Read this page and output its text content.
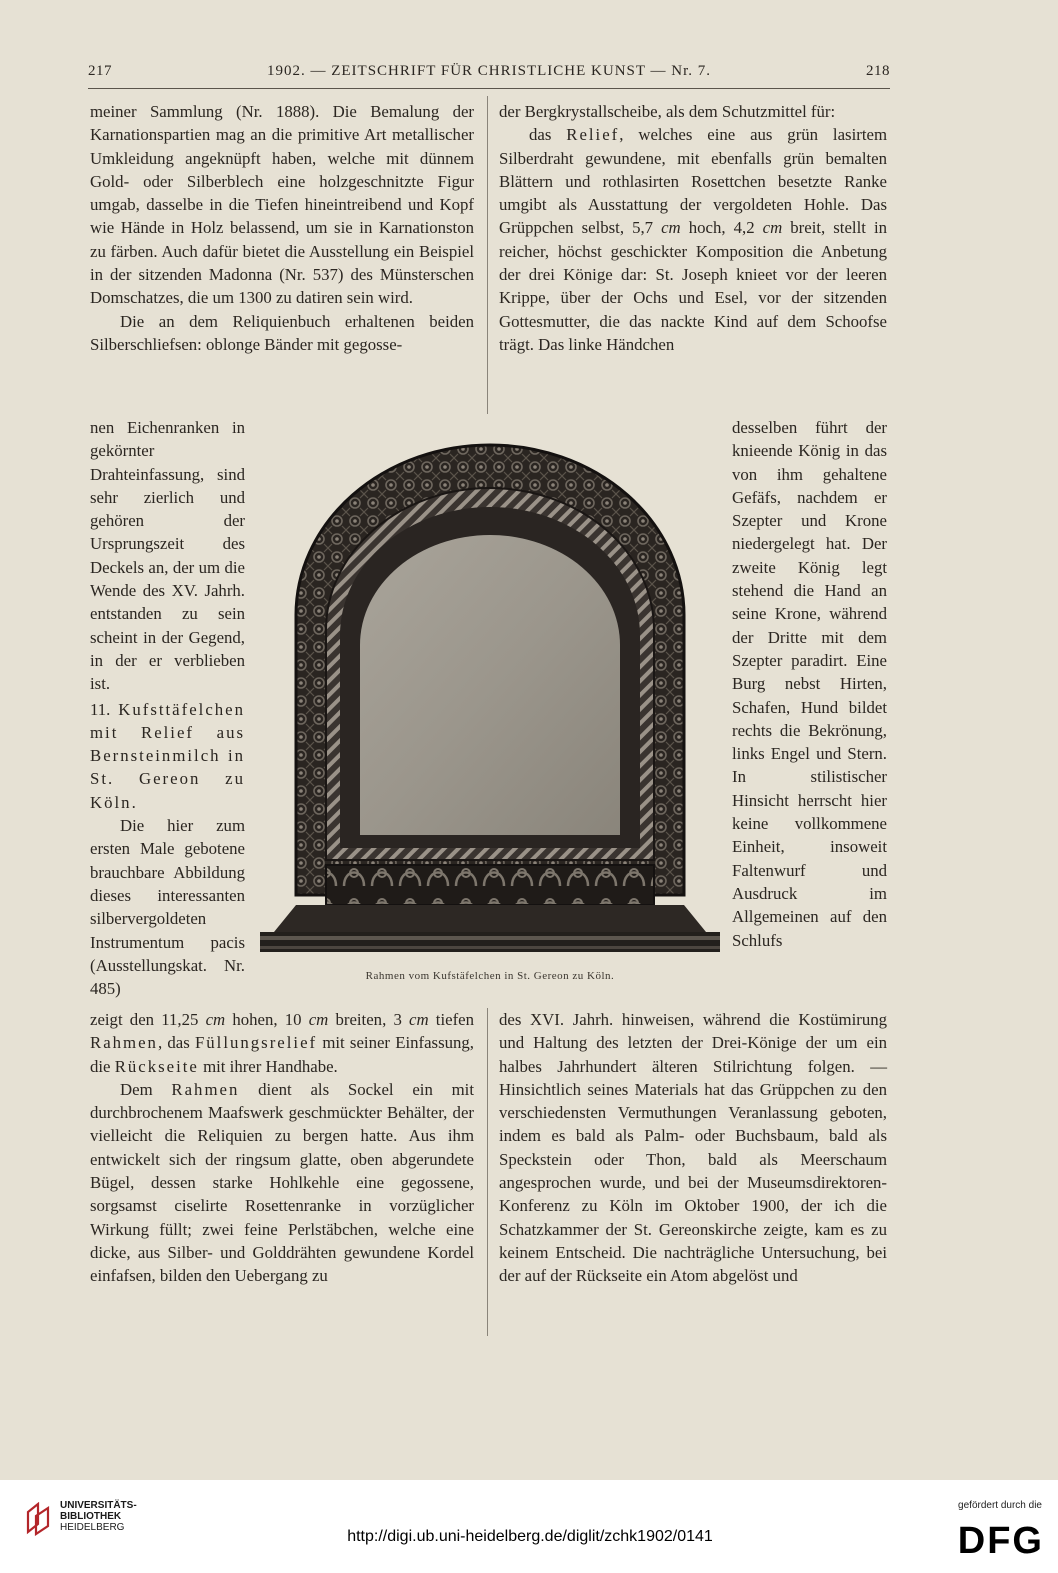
217	1902. — ZEITSCHRIFT FÜR CHRISTLICHE KUNST — Nr. 7.	218

meiner Sammlung (Nr. 1888). Die Bemalung der Karnationspartien mag an die primitive Art metallischer Umkleidung angeknüpft haben, welche mit dünnem Gold- oder Silberblech eine holzgeschnitzte Figur umgab, dasselbe in die Tiefen hineintreibend und Kopf wie Hände in Holz belassend, um sie in Karnationston zu färben. Auch dafür bietet die Ausstellung ein Beispiel in der sitzenden Madonna (Nr. 537) des Münsterschen Domschatzes, die um 1300 zu datiren sein wird.

Die an dem Reliquienbuch erhaltenen beiden Silberschliefsen: oblonge Bänder mit gegosse-

nen Eichenranken in gekörnter Drahteinfassung, sind sehr zierlich und gehören der Ursprungszeit des Deckels an, der um die Wende des XV. Jahrh. entstanden zu sein scheint in der Gegend, in der er verblieben ist.

11. Kufsttäfelchen mit Relief aus Bernsteinmilch in St. Gereon zu Köln.

Die hier zum ersten Male gebotene brauchbare Abbildung dieses interessanten silbervergoldeten Instrumentum pacis (Ausstellungskat. Nr. 485)

der Bergkrystallscheibe, als dem Schutzmittel für:

das Relief, welches eine aus grün lasirtem Silberdraht gewundene, mit ebenfalls grün bemalten Blättern und rothlasirten Rosettchen besetzte Ranke umgibt als Ausstattung der vergoldeten Hohle. Das Grüppchen selbst, 5,7 cm hoch, 4,2 cm breit, stellt in reicher, höchst geschickter Komposition die Anbetung der drei Könige dar: St. Joseph knieet vor der leeren Krippe, über der Ochs und Esel, vor der sitzenden Gottesmutter, die das nackte Kind auf dem Schoofse trägt. Das linke Händchen

desselben führt der knieende König in das von ihm gehaltene Gefäfs, nachdem er Szepter und Krone niedergelegt hat. Der zweite König legt stehend die Hand an seine Krone, während der Dritte mit dem Szepter paradirt. Eine Burg nebst Hirten, Schafen, Hund bildet rechts die Bekrönung, links Engel und Stern. In stilistischer Hinsicht herrscht hier keine vollkommene Einheit, insoweit Faltenwurf und Ausdruck im Allgemeinen auf den Schlufs

Rahmen vom Kufstäfelchen in St. Gereon zu Köln.

zeigt den 11,25 cm hohen, 10 cm breiten, 3 cm tiefen Rahmen, das Füllungsrelief mit seiner Einfassung, die Rückseite mit ihrer Handhabe.

Dem Rahmen dient als Sockel ein mit durchbrochenem Maafswerk geschmückter Behälter, der vielleicht die Reliquien zu bergen hatte. Aus ihm entwickelt sich der ringsum glatte, oben abgerundete Bügel, dessen starke Hohlkehle eine gegossene, sorgsamst ciselirte Rosettenranke in vorzüglicher Wirkung füllt; zwei feine Perlstäbchen, welche eine dicke, aus Silber- und Golddrähten gewundene Kordel einfafsen, bilden den Uebergang zu

des XVI. Jahrh. hinweisen, während die Kostümirung und Haltung des letzten der Drei-Könige der um ein halbes Jahrhundert älteren Stilrichtung folgen. — Hinsichtlich seines Materials hat das Grüppchen zu den verschiedensten Vermuthungen Veranlassung geboten, indem es bald als Palm- oder Buchsbaum, bald als Speckstein oder Thon, bald als Meerschaum angesprochen wurde, und bei der Museumsdirektoren-Konferenz zu Köln im Oktober 1900, der ich die Schatzkammer der St. Gereonskirche zeigte, kam es zu keinem Entscheid. Die nachträgliche Untersuchung, bei der auf der Rückseite ein Atom abgelöst und

UNIVERSITÄTS-
BIBLIOTHEK
HEIDELBERG
http://digi.ub.uni-heidelberg.de/diglit/zchk1902/0141
gefördert durch die
DFG
